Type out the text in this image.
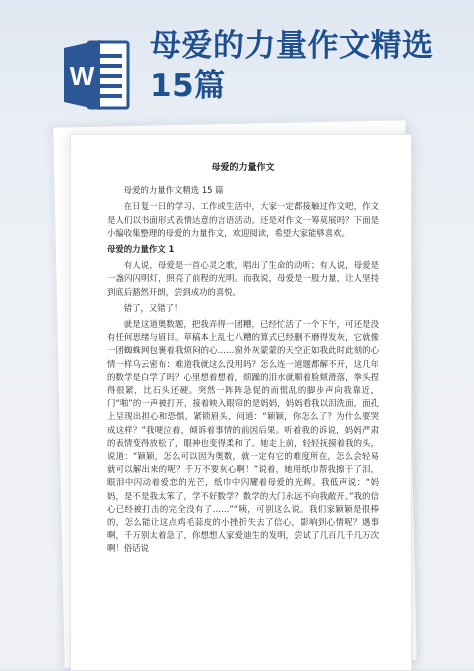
W
母爱的力量作文精选15篇
母爱的力量作文
母爱的力量作文精选 15 篇
在日复一日的学习、工作或生活中，大家一定都接触过作文吧，作文是人们以书面形式表情达意的言语活动。还是对作文一筹莫展吗？下面是小编收集整理的母爱的力量作文，欢迎阅读，希望大家能够喜欢。
母爱的力量作文 1
有人说，母爱是一首心灵之歌，唱出了生命的动听；有人说，母爱是一盏闪闪明灯，照亮了前程的光明。而我说，母爱是一股力量，让人坚持到底后豁然开朗，尝到成功的喜悦。
错了，又错了！
就是这道奥数题，把我弄得一团糟，已经忙活了一个下午，可还是没有任何思绪与眉目。草稿本上乱七八糟的算式已经删不磨得发灰，它就像一团蜘蛛网包裹着我烦闷的心……窗外灰蒙蒙的天空正如我此时此刻的心情一样乌云密布：难道我就这么没用吗？怎么连一道题都解不开，这几年的数学是白学了吗？心里想着想着，烦躁的泪水就顺着脸颊滑落，拳头捏得很紧，比石头还硬。突然一阵阵急促的而慌乱的脚步声向我靠近，门“啪”的一声被打开，接着映入眼帘的是妈妈，妈妈看我以泪洗面，面孔上呈现出担心和恐惧，紧锁眉头，问道：“颖颖，你怎么了？为什么要哭成这样？”我哽泣着，倾诉着事情的前因后果。听着我的诉说，妈妈严肃的表情变得放松了，眼神也变得柔和了。她走上前，轻轻抚摸着我的头，说道：“颖颖，怎么可以因为奥数，就一定有它的难度所在，怎么会轻易就可以解出来的呢？千万不要灰心啊！”说着，她用纸巾帮我擦干了泪，眼泪中闪动着爱恋的光芒，纸巾中闪耀着母爱的光辉。我低声说：“妈妈，是不是我太笨了，学不好数学？数学的大门永远不向我敞开。”我的信心已经被打击的完全没有了……”“咦，可别这么说。我们家颖颖是很棒的，怎么能让这点鸡毛蒜皮的小挫折失去了信心，影响到心情呢？遇事啊，千万别太着急了，你想想人家爱迪生的发明，尝试了几百几千几万次啊！俗话说
